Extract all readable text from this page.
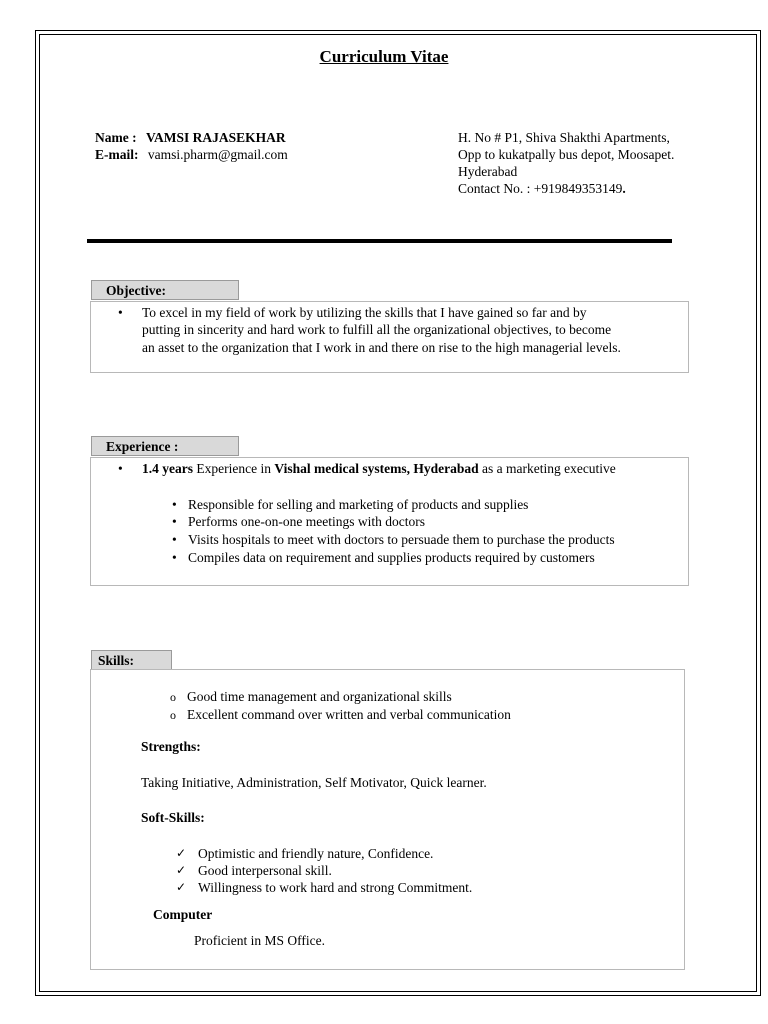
Curriculum Vitae
Name : VAMSI RAJASEKHAR
E-mail: vamsi.pharm@gmail.com
H. No # P1, Shiva Shakthi Apartments,
Opp to kukatpally bus depot, Moosapet.
Hyderabad
Contact No. : +919849353149.
Objective:
• To excel in my field of work by utilizing the skills that I have gained so far and by
putting in sincerity and hard work to fulfill all the organizational objectives, to become
an asset to the organization that I work in and there on rise to the high managerial levels.
Experience :
• 1.4 years Experience in Vishal medical systems, Hyderabad as a marketing executive
• Responsible for selling and marketing of products and supplies
• Performs one-on-one meetings with doctors
• Visits hospitals to meet with doctors to persuade them to purchase the products
• Compiles data on requirement and supplies products required by customers
Skills:
o Good time management and organizational skills
o Excellent command over written and verbal communication
Strengths:
Taking Initiative, Administration, Self Motivator, Quick learner.
Soft-Skills:
✓ Optimistic and friendly nature, Confidence.
✓ Good interpersonal skill.
✓ Willingness to work hard and strong Commitment.
Computer
Proficient in MS Office.
